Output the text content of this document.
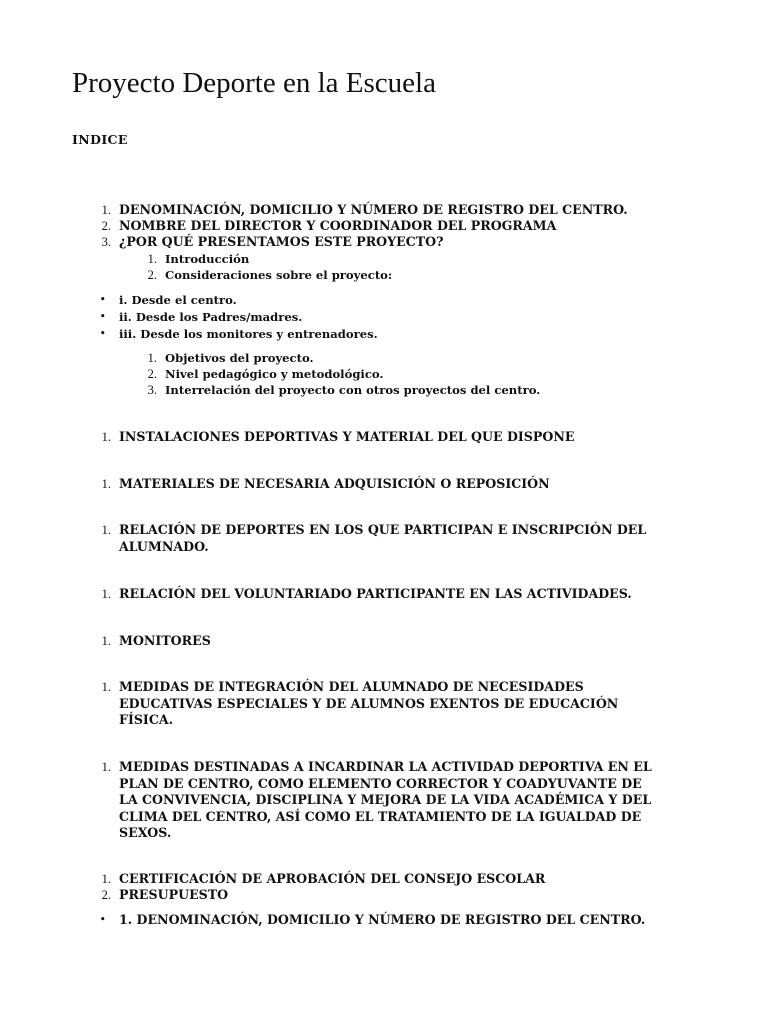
Proyecto Deporte en la Escuela
INDICE
1. DENOMINACIÓN, DOMICILIO Y NÚMERO DE REGISTRO DEL CENTRO.
2. NOMBRE DEL DIRECTOR Y COORDINADOR DEL PROGRAMA
3. ¿POR QUÉ PRESENTAMOS ESTE PROYECTO?
1. Introducción
2. Consideraciones sobre el proyecto:
• i. Desde el centro.
• ii. Desde los Padres/madres.
• iii. Desde los monitores y entrenadores.
1. Objetivos del proyecto.
2. Nivel pedagógico y metodológico.
3. Interrelación del proyecto con otros proyectos del centro.
1. INSTALACIONES DEPORTIVAS Y MATERIAL DEL QUE DISPONE
1. MATERIALES DE NECESARIA ADQUISICIÓN O REPOSICIÓN
1. RELACIÓN DE DEPORTES EN LOS QUE PARTICIPAN E INSCRIPCIÓN DEL
ALUMNADO.
1. RELACIÓN DEL VOLUNTARIADO PARTICIPANTE EN LAS ACTIVIDADES.
1. MONITORES
1. MEDIDAS DE INTEGRACIÓN DEL ALUMNADO DE NECESIDADES
EDUCATIVAS ESPECIALES Y DE ALUMNOS EXENTOS DE EDUCACIÓN
FÍSICA.
1. MEDIDAS DESTINADAS A INCARDINAR LA ACTIVIDAD DEPORTIVA EN EL
PLAN DE CENTRO, COMO ELEMENTO CORRECTOR Y COADYUVANTE DE
LA CONVIVENCIA, DISCIPLINA Y MEJORA DE LA VIDA ACADÉMICA Y DEL
CLIMA DEL CENTRO, ASÍ COMO EL TRATAMIENTO DE LA IGUALDAD DE
SEXOS.
1. CERTIFICACIÓN DE APROBACIÓN DEL CONSEJO ESCOLAR
2. PRESUPUESTO
• 1. DENOMINACIÓN, DOMICILIO Y NÚMERO DE REGISTRO DEL CENTRO.
